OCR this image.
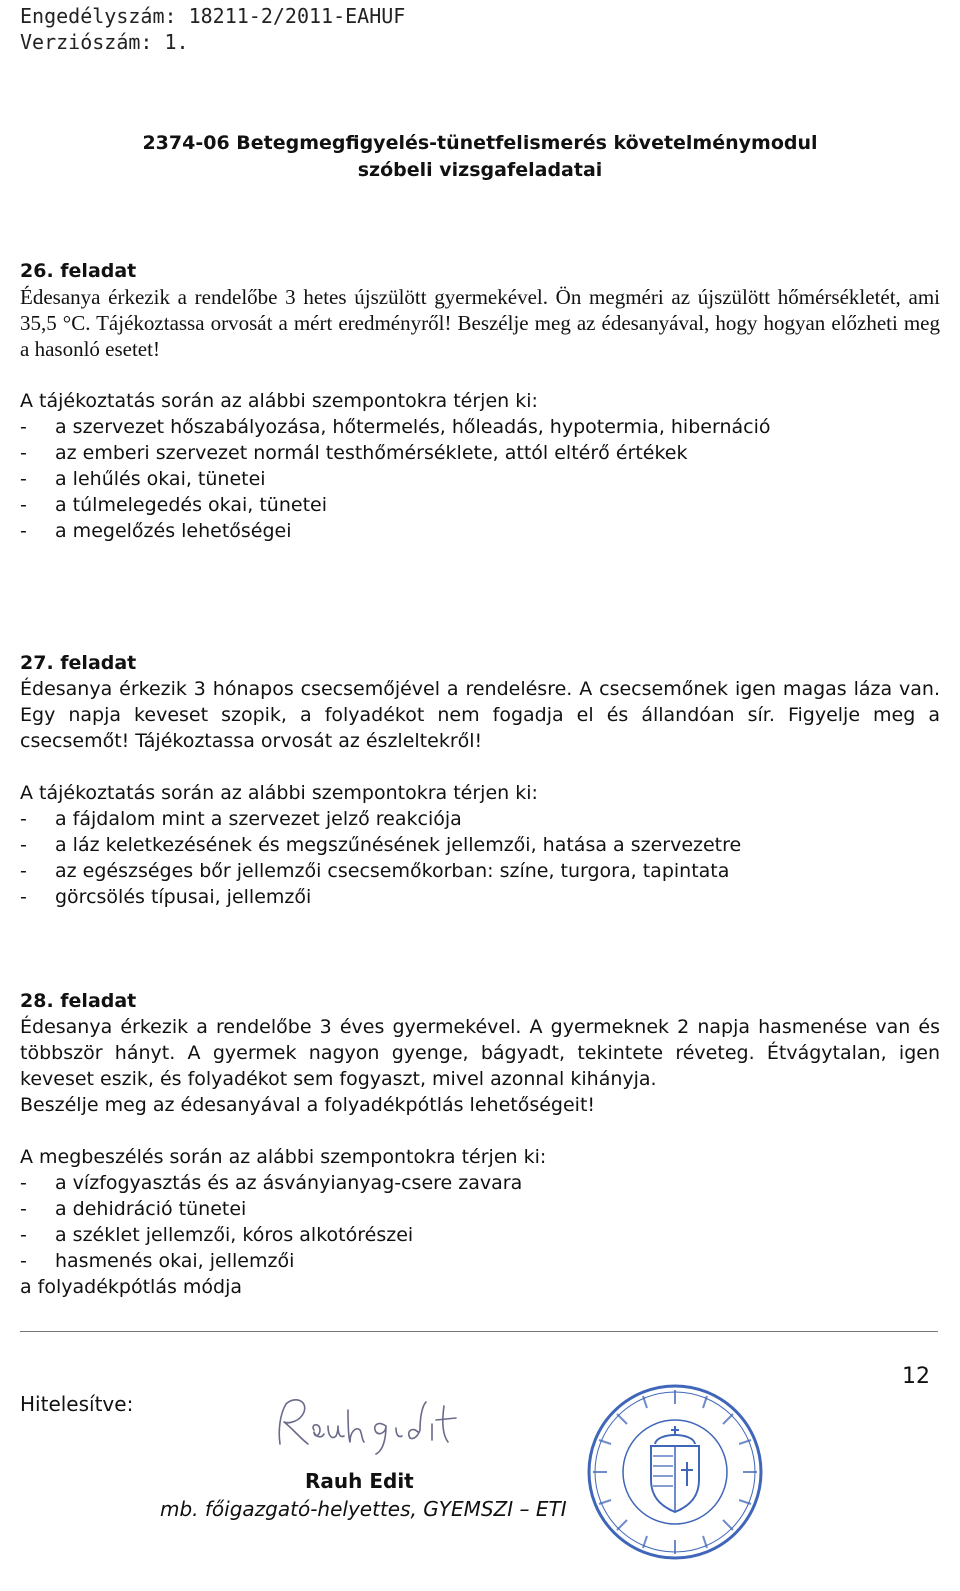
Engedélyszám: 18211-2/2011-EAHUF
Verziószám: 1.
2374-06 Betegmegfigyelés-tünetfelismerés követelménymodul
szóbeli vizsgafeladatai
26. feladat
Édesanya érkezik a rendelőbe 3 hetes újszülött gyermekével. Ön megméri az újszülött hőmérsékletét, ami 35,5 °C. Tájékoztassa orvosát a mért eredményről! Beszélje meg az édesanyával, hogy hogyan előzheti meg a hasonló esetet!
A tájékoztatás során az alábbi szempontokra térjen ki:
-	a szervezet hőszabályozása, hőtermelés, hőleadás, hypotermia, hibernáció
-	az emberi szervezet normál testhőmérséklete, attól eltérő értékek
-	a lehűlés okai, tünetei
-	a túlmelegedés okai, tünetei
-	a megelőzés lehetőségei
27. feladat
Édesanya érkezik 3 hónapos csecsemőjével a rendelésre. A csecsemőnek igen magas láza van. Egy napja keveset szopik, a folyadékot nem fogadja el és állandóan sír. Figyelje meg a csecsemőt! Tájékoztassa orvosát az észleltekről!
A tájékoztatás során az alábbi szempontokra térjen ki:
-	a fájdalom mint a szervezet jelző reakciója
-	a láz keletkezésének és megszűnésének jellemzői, hatása a szervezetre
-	az egészséges bőr jellemzői csecsemőkorban: színe, turgora, tapintata
-	görcsölés típusai, jellemzői
28. feladat
Édesanya érkezik a rendelőbe 3 éves gyermekével. A gyermeknek 2 napja hasmenése van és többször hányt. A gyermek nagyon gyenge, bágyadt, tekintete réveteg. Étvágytalan, igen keveset eszik, és folyadékot sem fogyaszt, mivel azonnal kihányja.
Beszélje meg az édesanyával a folyadékpótlás lehetőségeit!
A megbeszélés során az alábbi szempontokra térjen ki:
-	a vízfogyasztás és az ásványianyag-csere zavara
-	a dehidráció tünetei
-	a széklet jellemzői, kóros alkotórészei
-	hasmenés okai, jellemzői
a folyadékpótlás módja
12
Hitelesítve:
Rauh Edit
mb. főigazgató-helyettes, GYEMSZI – ETI
